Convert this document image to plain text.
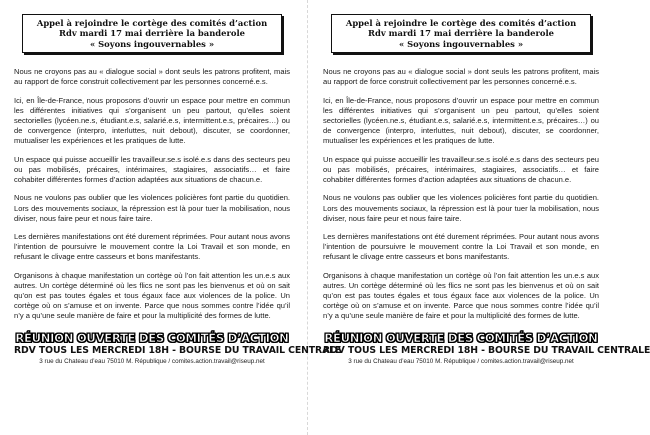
Appel à rejoindre le cortège des comités d’action
Rdv mardi 17 mai derrière la banderole
« Soyons ingouvernables »

Nous ne croyons pas au « dialogue social » dont seuls les patrons profitent, mais au rapport de force construit collectivement par les personnes concerné.e.s.

Ici, en Île-de-France, nous proposons d’ouvrir un espace pour mettre en commun les différentes initiatives qui s’organisent un peu partout, qu’elles soient sectorielles (lycéen.ne.s, étudiant.e.s, salarié.e.s, intermittent.e.s, précaires…) ou de convergence (interpro, interluttes, nuit debout), discuter, se coordonner, mutualiser les expériences et les pratiques de lutte.

Un espace qui puisse accueillir les travailleur.se.s isolé.e.s dans des secteurs peu ou pas mobilisés, précaires, intérimaires, stagiaires, associatifs… et faire cohabiter différentes formes d’action adaptées aux situations de chacun.e.

Nous ne voulons pas oublier que les violences policières font partie du quotidien. Lors des mouvements sociaux, la répression est là pour tuer la mobilisation, nous diviser, nous faire peur et nous faire taire.

Les dernières manifestations ont été durement réprimées. Pour autant nous avons l’intention de poursuivre le mouvement contre la Loi Travail et son monde, en refusant le clivage entre casseurs et bons manifestants.

Organisons à chaque manifestation un cortège où l’on fait attention les un.e.s aux autres. Un cortège déterminé où les flics ne sont pas les bienvenus et où on sait qu’on est pas toutes égales et tous égaux face aux violences de la police. Un cortège où on s’amuse et on invente. Parce que nous sommes contre l’idée qu’il n’y a qu’une seule manière de faire et pour la multiplicité des formes de lutte.

RÉUNION OUVERTE DES COMITÉS D’ACTION
RDV TOUS LES MERCREDI 18H - BOURSE DU TRAVAIL CENTRALE
3 rue du Chateau d’eau 75010 M. République / comites.action.travail@riseup.net
Appel à rejoindre le cortège des comités d’action
Rdv mardi 17 mai derrière la banderole
« Soyons ingouvernables »

Nous ne croyons pas au « dialogue social » dont seuls les patrons profitent, mais au rapport de force construit collectivement par les personnes concerné.e.s.

Ici, en Île-de-France, nous proposons d’ouvrir un espace pour mettre en commun les différentes initiatives qui s’organisent un peu partout, qu’elles soient sectorielles (lycéen.ne.s, étudiant.e.s, salarié.e.s, intermittent.e.s, précaires…) ou de convergence (interpro, interluttes, nuit debout), discuter, se coordonner, mutualiser les expériences et les pratiques de lutte.

Un espace qui puisse accueillir les travailleur.se.s isolé.e.s dans des secteurs peu ou pas mobilisés, précaires, intérimaires, stagiaires, associatifs… et faire cohabiter différentes formes d’action adaptées aux situations de chacun.e.

Nous ne voulons pas oublier que les violences policières font partie du quotidien. Lors des mouvements sociaux, la répression est là pour tuer la mobilisation, nous diviser, nous faire peur et nous faire taire.

Les dernières manifestations ont été durement réprimées. Pour autant nous avons l’intention de poursuivre le mouvement contre la Loi Travail et son monde, en refusant le clivage entre casseurs et bons manifestants.

Organisons à chaque manifestation un cortège où l’on fait attention les un.e.s aux autres. Un cortège déterminé où les flics ne sont pas les bienvenus et où on sait qu’on est pas toutes égales et tous égaux face aux violences de la police. Un cortège où on s’amuse et on invente. Parce que nous sommes contre l’idée qu’il n’y a qu’une seule manière de faire et pour la multiplicité des formes de lutte.

RÉUNION OUVERTE DES COMITÉS D’ACTION
RDV TOUS LES MERCREDI 18H - BOURSE DU TRAVAIL CENTRALE
3 rue du Chateau d’eau 75010 M. République / comites.action.travail@riseup.net
